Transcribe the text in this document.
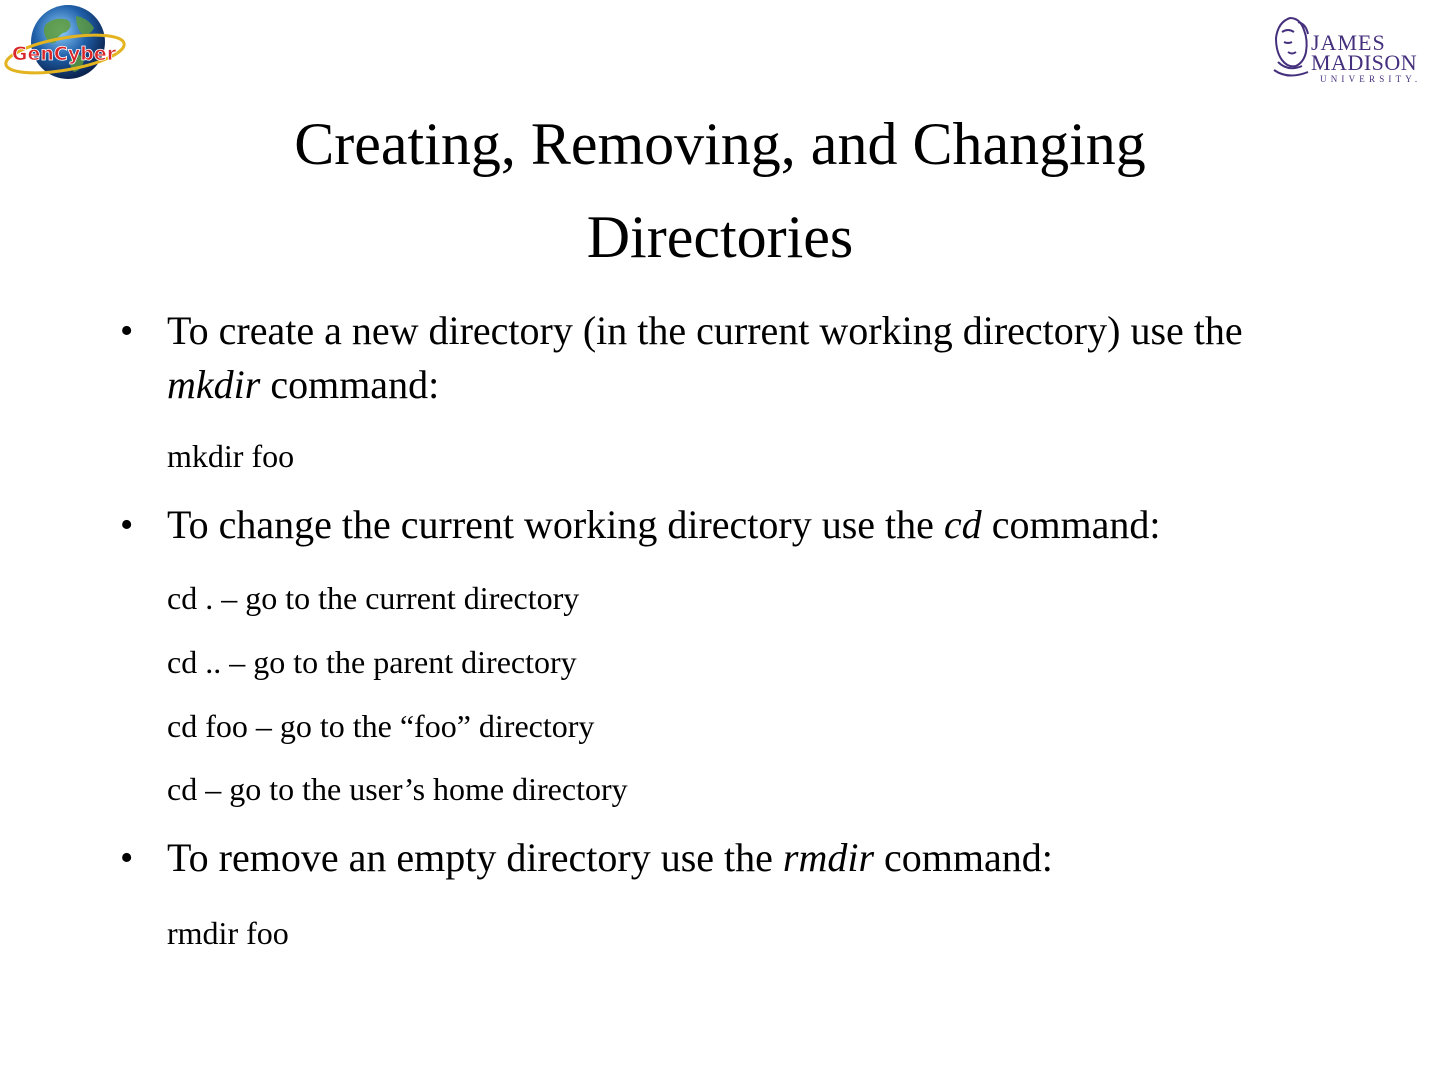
GenCyber	JAMES
MADISON
UNIVERSITY.
Creating, Removing, and Changing
Directories
• To create a new directory (in the current working directory) use the mkdir command:
mkdir foo
• To change the current working directory use the cd command:
cd . – go to the current directory
cd .. – go to the parent directory
cd foo – go to the “foo” directory
cd – go to the user’s home directory
• To remove an empty directory use the rmdir command:
rmdir foo
